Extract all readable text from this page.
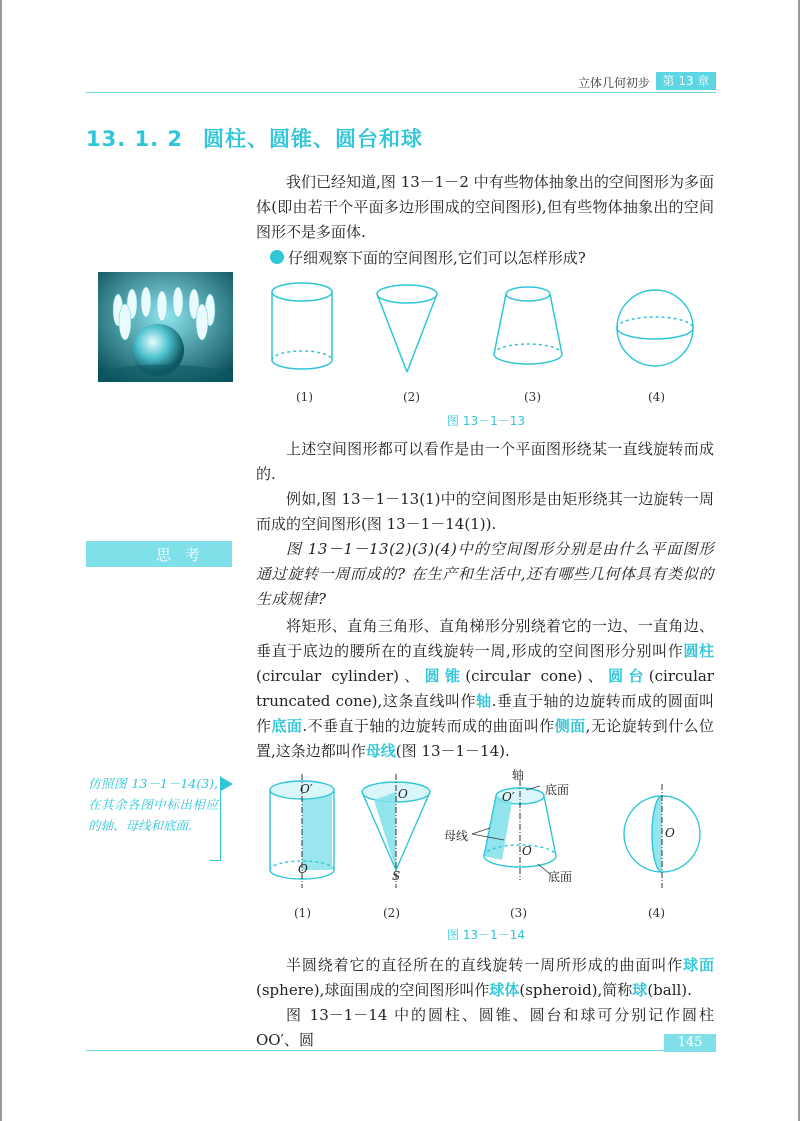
立体几何初步	第 13 章
13. 1. 2 圆柱、圆锥、圆台和球

我们已经知道,图 13－1－2 中有些物体抽象出的空间图形为多面体(即由若干个平面多边形围成的空间图形),但有些物体抽象出的空间图形不是多面体.

仔细观察下面的空间图形,它们可以怎样形成?
(1)	(2)	(3)	(4)
图 13－1－13

上述空间图形都可以看作是由一个平面图形绕某一直线旋转而成的.

例如,图 13－1－13(1)中的空间图形是由矩形绕其一边旋转一周而成的空间图形(图 13－1－14(1)).

思考	图 13－1－13(2)(3)(4)中的空间图形分别是由什么平面图形通过旋转一周而成的? 在生产和生活中,还有哪些几何体具有类似的生成规律?

将矩形、直角三角形、直角梯形分别绕着它的一边、一直角边、垂直于底边的腰所在的直线旋转一周,形成的空间图形分别叫作圆柱(circular cylinder)、圆锥(circular cone)、圆台(circular truncated cone),这条直线叫作轴.垂直于轴的边旋转而成的圆面叫作底面.不垂直于轴的边旋转而成的曲面叫作侧面,无论旋转到什么位置,这条边都叫作母线(图 13－1－14).

仿照图 13－1－14(3),在其余各图中标出相应的轴、母线和底面.
O′
O
O
S
轴
O′	底面
母线
O
底面
O
(1)	(2)	(3)	(4)
图 13－1－14

半圆绕着它的直径所在的直线旋转一周所形成的曲面叫作球面(sphere),球面围成的空间图形叫作球体(spheroid),简称球(ball).

图 13－1－14 中的圆柱、圆锥、圆台和球可分别记作圆柱 OO′、圆	145
